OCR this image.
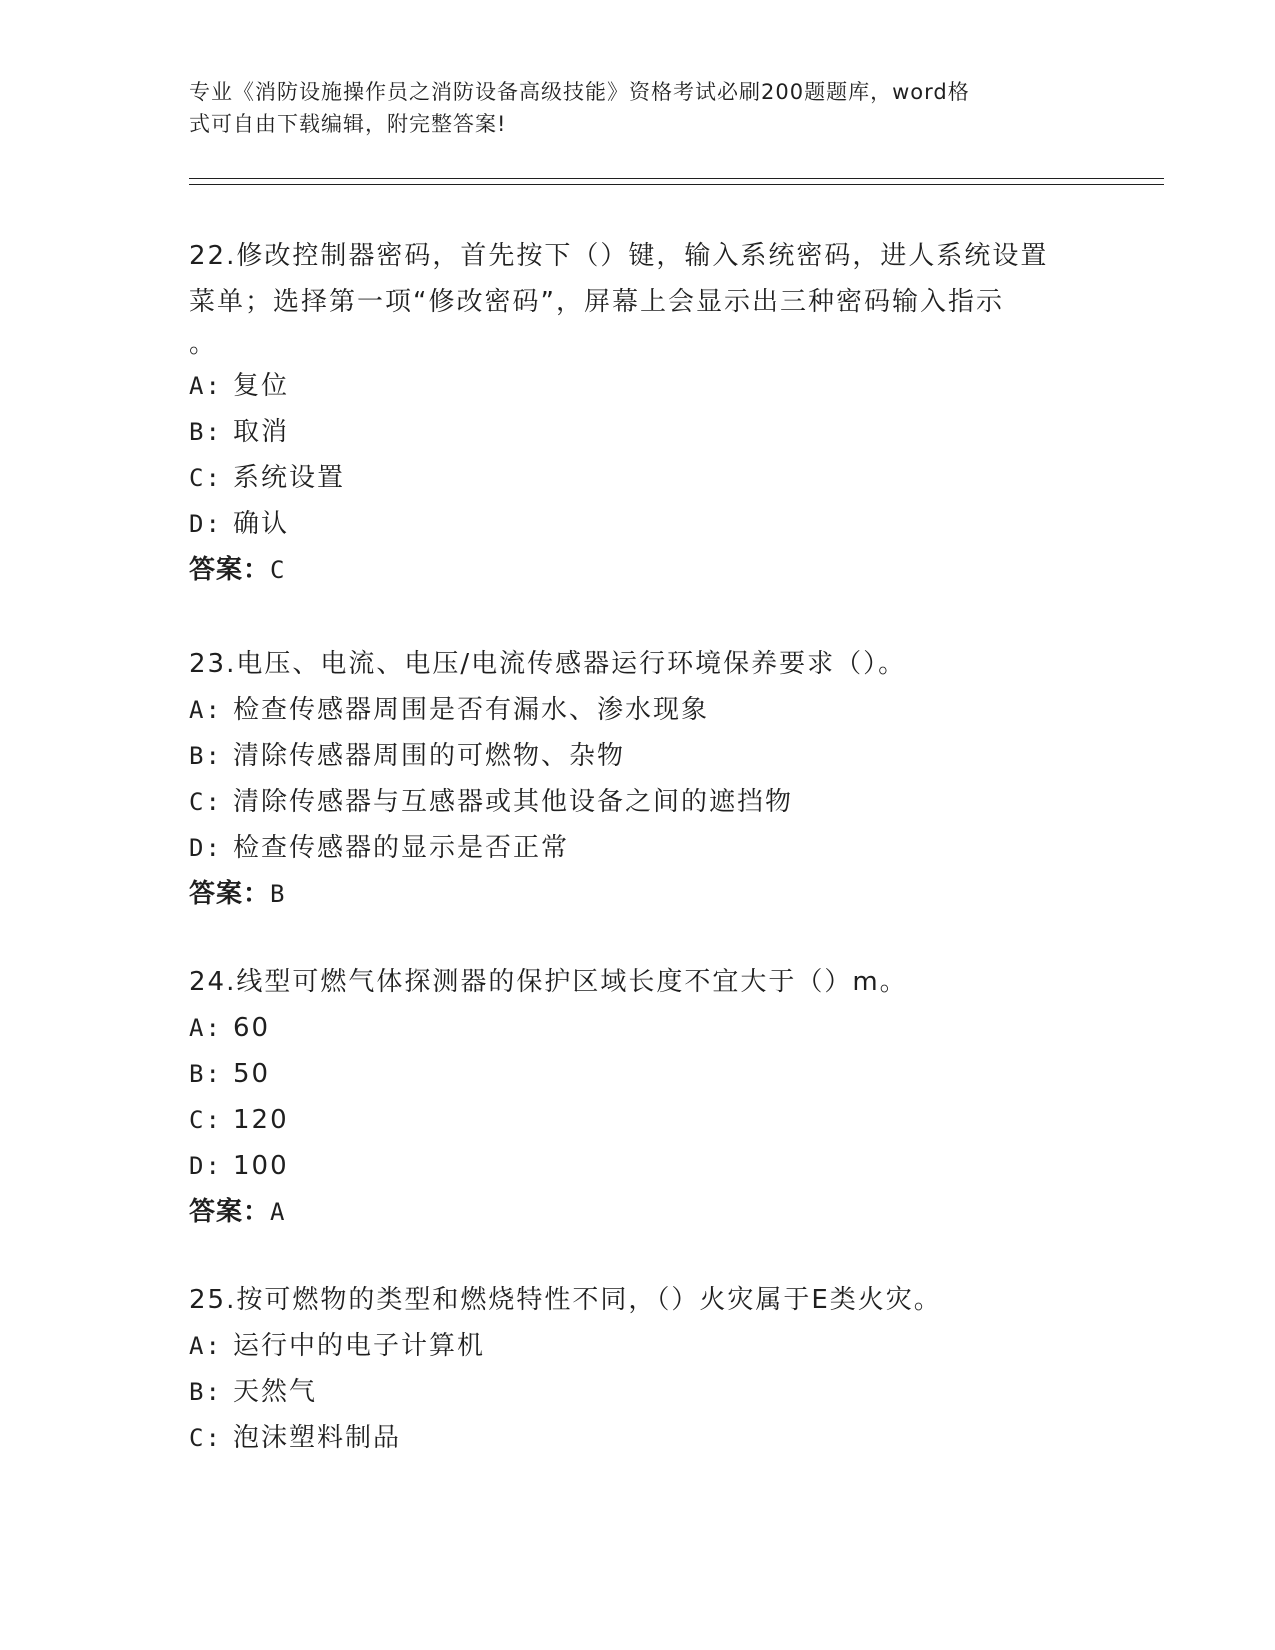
专业《消防设施操作员之消防设备高级技能》资格考试必刷200题题库，word格
式可自由下载编辑，附完整答案!
22.修改控制器密码，首先按下（）键，输入系统密码，进人系统设置
菜单；选择第一项“修改密码”，屏幕上会显示出三种密码输入指示
。
A: 复位
B: 取消
C: 系统设置
D: 确认
答案：C
23.电压、电流、电压/电流传感器运行环境保养要求（）。
A: 检查传感器周围是否有漏水、渗水现象
B: 清除传感器周围的可燃物、杂物
C: 清除传感器与互感器或其他设备之间的遮挡物
D: 检查传感器的显示是否正常
答案：B
24.线型可燃气体探测器的保护区域长度不宜大于（）m。
A: 60
B: 50
C: 120
D: 100
答案：A
25.按可燃物的类型和燃烧特性不同，（）火灾属于E类火灾。
A: 运行中的电子计算机
B: 天然气
C: 泡沫塑料制品
